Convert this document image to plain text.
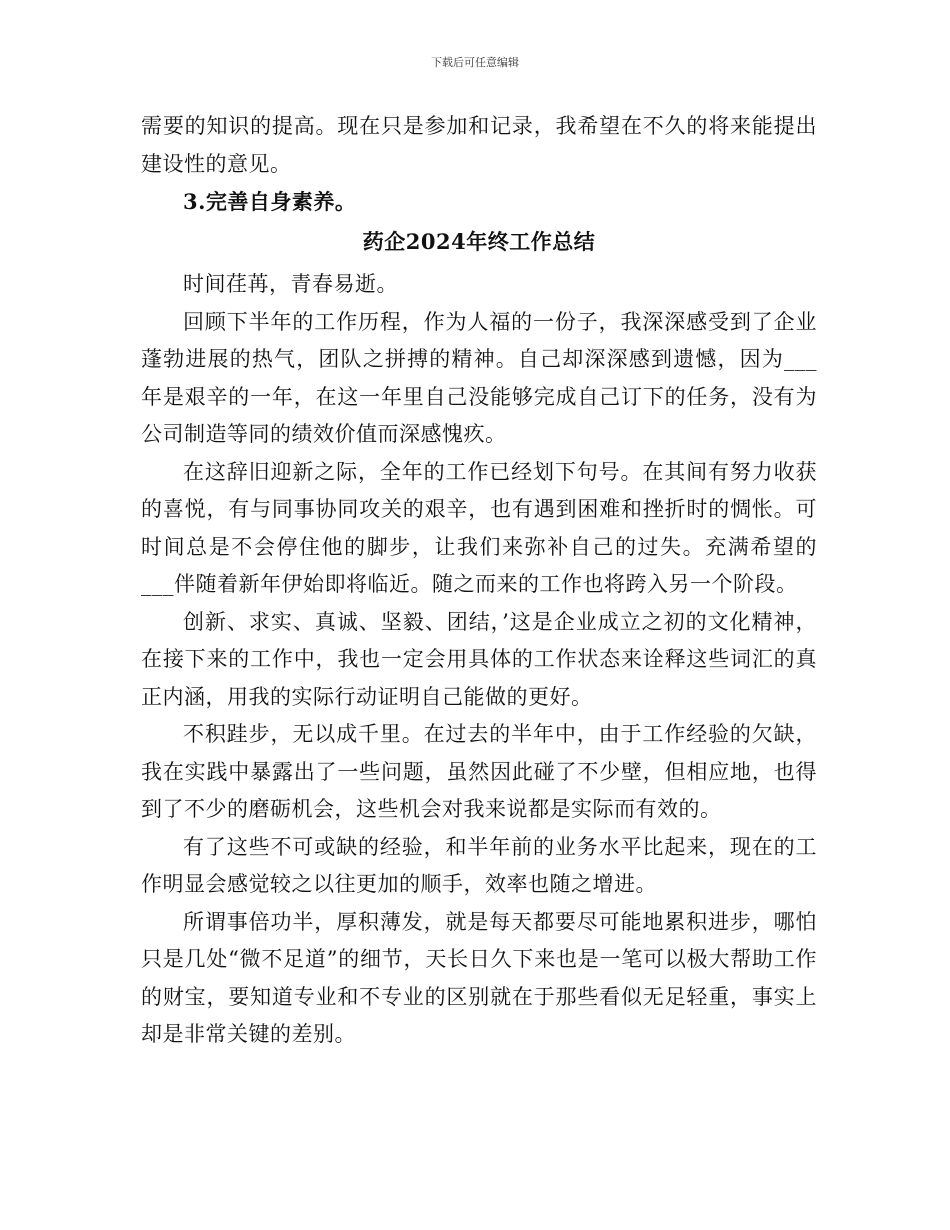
下载后可任意编辑

需要的知识的提高。现在只是参加和记录，我希望在不久的将来能提出建设性的意见。

3.完善自身素养。

药企2024年终工作总结

时间荏苒，青春易逝。

回顾下半年的工作历程，作为人福的一份子，我深深感受到了企业蓬勃进展的热气，团队之拼搏的精神。自己却深深感到遗憾，因为___年是艰辛的一年，在这一年里自己没能够完成自己订下的任务，没有为公司制造等同的绩效价值而深感愧疚。

在这辞旧迎新之际，全年的工作已经划下句号。在其间有努力收获的喜悦，有与同事协同攻关的艰辛，也有遇到困难和挫折时的惆怅。可时间总是不会停住他的脚步，让我们来弥补自己的过失。充满希望的___伴随着新年伊始即将临近。随之而来的工作也将跨入另一个阶段。

创新、求实、真诚、坚毅、团结，’这是企业成立之初的文化精神，在接下来的工作中，我也一定会用具体的工作状态来诠释这些词汇的真正内涵，用我的实际行动证明自己能做的更好。

不积跬步，无以成千里。在过去的半年中，由于工作经验的欠缺，我在实践中暴露出了一些问题，虽然因此碰了不少壁，但相应地，也得到了不少的磨砺机会，这些机会对我来说都是实际而有效的。

有了这些不可或缺的经验，和半年前的业务水平比起来，现在的工作明显会感觉较之以往更加的顺手，效率也随之增进。

所谓事倍功半，厚积薄发，就是每天都要尽可能地累积进步，哪怕只是几处“微不足道”的细节，天长日久下来也是一笔可以极大帮助工作的财宝，要知道专业和不专业的区别就在于那些看似无足轻重，事实上却是非常关键的差别。
